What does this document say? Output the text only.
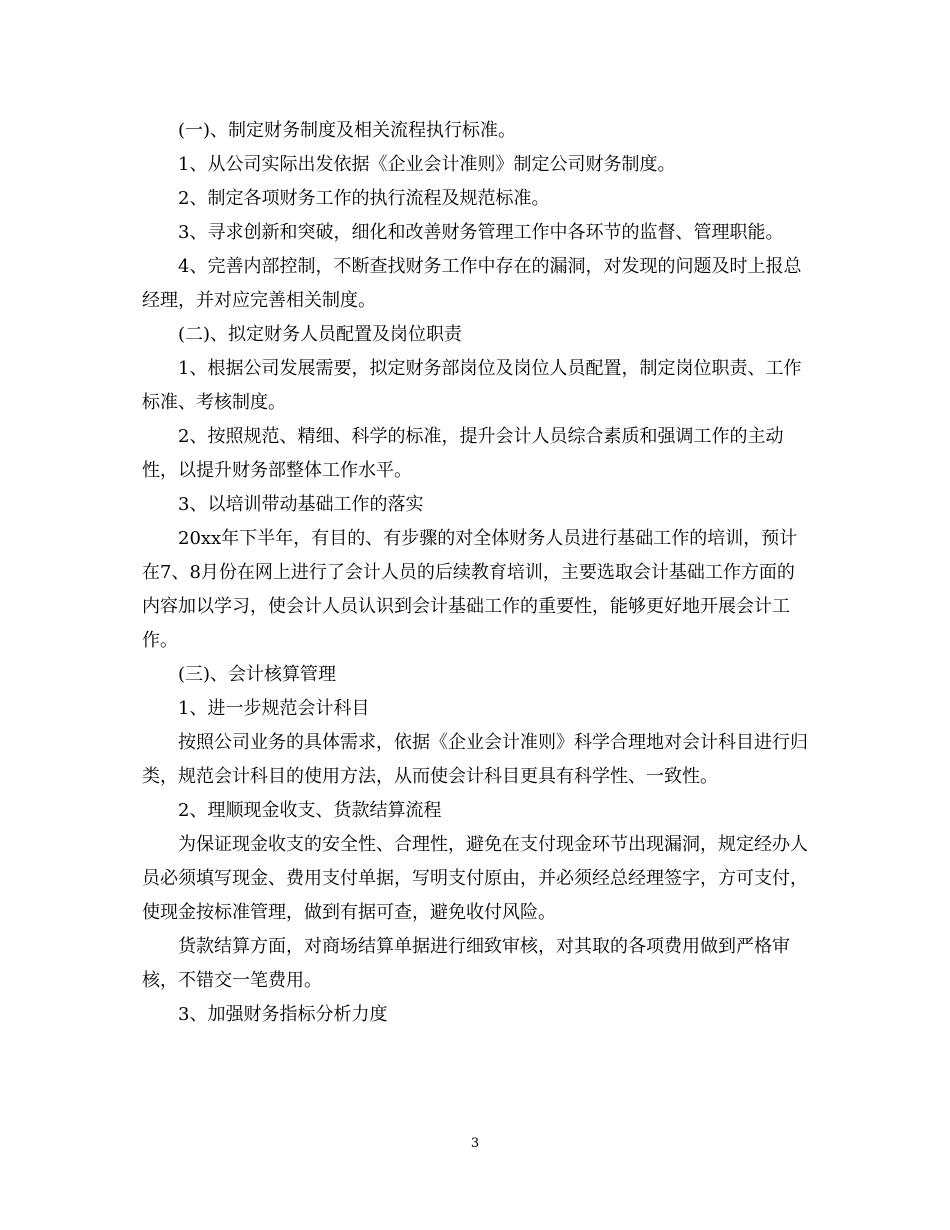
(一)、制定财务制度及相关流程执行标准。

1、从公司实际出发依据《企业会计准则》制定公司财务制度。

2、制定各项财务工作的执行流程及规范标准。

3、寻求创新和突破，细化和改善财务管理工作中各环节的监督、管理职能。

4、完善内部控制，不断查找财务工作中存在的漏洞，对发现的问题及时上报总经理，并对应完善相关制度。

(二)、拟定财务人员配置及岗位职责

1、根据公司发展需要，拟定财务部岗位及岗位人员配置，制定岗位职责、工作标准、考核制度。

2、按照规范、精细、科学的标准，提升会计人员综合素质和强调工作的主动性，以提升财务部整体工作水平。

3、以培训带动基础工作的落实

20xx年下半年，有目的、有步骤的对全体财务人员进行基础工作的培训，预计在7、8月份在网上进行了会计人员的后续教育培训，主要选取会计基础工作方面的内容加以学习，使会计人员认识到会计基础工作的重要性，能够更好地开展会计工作。

(三)、会计核算管理

1、进一步规范会计科目

按照公司业务的具体需求，依据《企业会计准则》科学合理地对会计科目进行归类，规范会计科目的使用方法，从而使会计科目更具有科学性、一致性。

2、理顺现金收支、货款结算流程

为保证现金收支的安全性、合理性，避免在支付现金环节出现漏洞，规定经办人员必须填写现金、费用支付单据，写明支付原由，并必须经总经理签字，方可支付，使现金按标准管理，做到有据可查，避免收付风险。

货款结算方面，对商场结算单据进行细致审核，对其取的各项费用做到严格审核，不错交一笔费用。

3、加强财务指标分析力度

3
